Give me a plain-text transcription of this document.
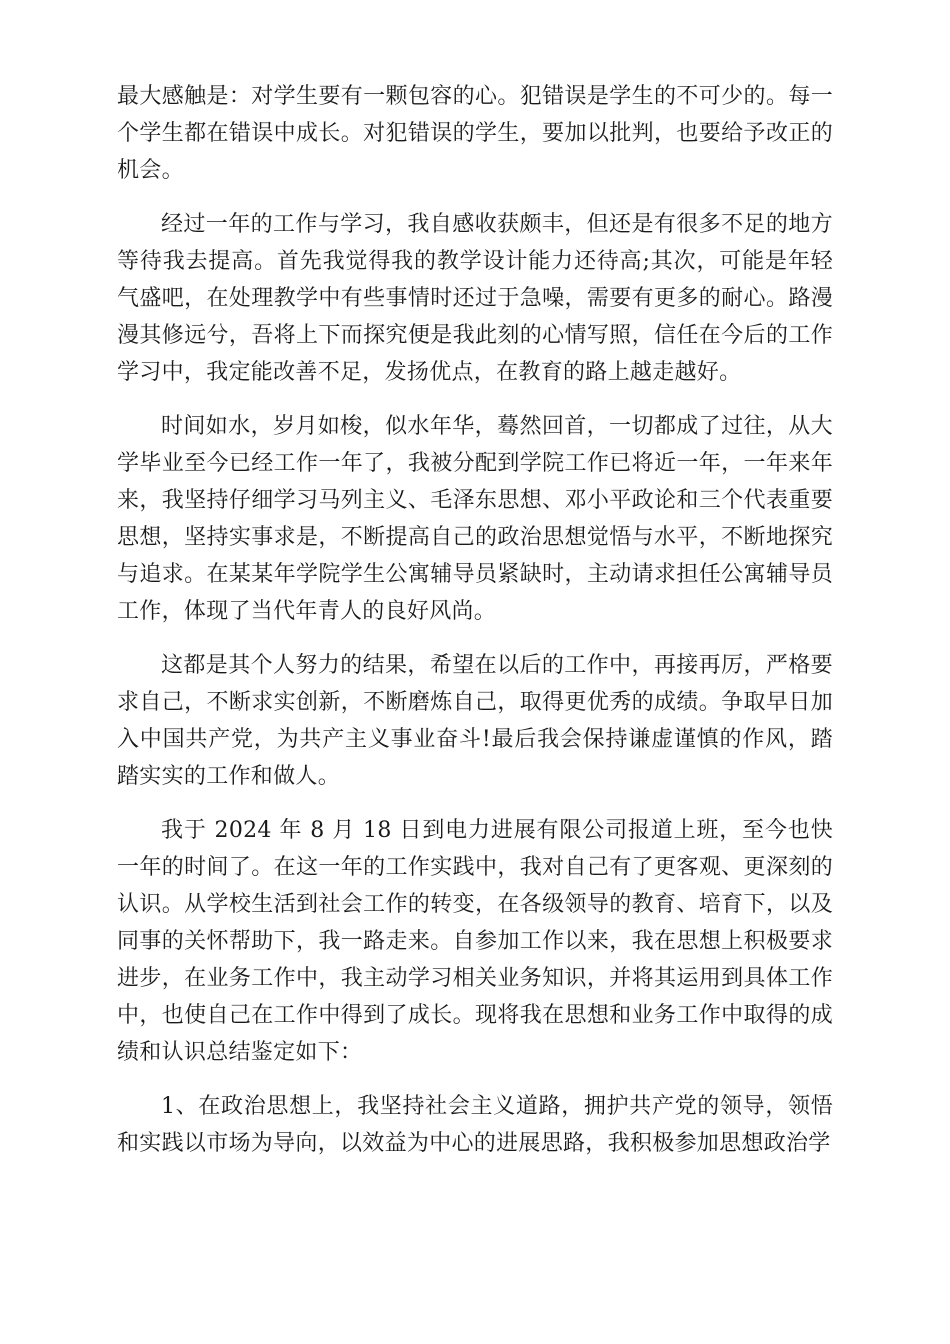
最大感触是：对学生要有一颗包容的心。犯错误是学生的不可少的。每一个学生都在错误中成长。对犯错误的学生，要加以批判，也要给予改正的机会。

经过一年的工作与学习，我自感收获颇丰，但还是有很多不足的地方等待我去提高。首先我觉得我的教学设计能力还待高;其次，可能是年轻气盛吧，在处理教学中有些事情时还过于急噪，需要有更多的耐心。路漫漫其修远兮，吾将上下而探究便是我此刻的心情写照，信任在今后的工作学习中，我定能改善不足，发扬优点，在教育的路上越走越好。

时间如水，岁月如梭，似水年华，蓦然回首，一切都成了过往，从大学毕业至今已经工作一年了，我被分配到学院工作已将近一年，一年来年来，我坚持仔细学习马列主义、毛泽东思想、邓小平政论和三个代表重要思想，坚持实事求是，不断提高自己的政治思想觉悟与水平，不断地探究与追求。在某某年学院学生公寓辅导员紧缺时，主动请求担任公寓辅导员工作，体现了当代年青人的良好风尚。

这都是其个人努力的结果，希望在以后的工作中，再接再厉，严格要求自己，不断求实创新，不断磨炼自己，取得更优秀的成绩。争取早日加入中国共产党，为共产主义事业奋斗!最后我会保持谦虚谨慎的作风，踏踏实实的工作和做人。

我于 2024 年 8 月 18 日到电力进展有限公司报道上班，至今也快一年的时间了。在这一年的工作实践中，我对自己有了更客观、更深刻的认识。从学校生活到社会工作的转变，在各级领导的教育、培育下，以及同事的关怀帮助下，我一路走来。自参加工作以来，我在思想上积极要求进步，在业务工作中，我主动学习相关业务知识，并将其运用到具体工作中，也使自己在工作中得到了成长。现将我在思想和业务工作中取得的成绩和认识总结鉴定如下：

1、在政治思想上，我坚持社会主义道路，拥护共产党的领导，领悟和实践以市场为导向，以效益为中心的进展思路，我积极参加思想政治学
